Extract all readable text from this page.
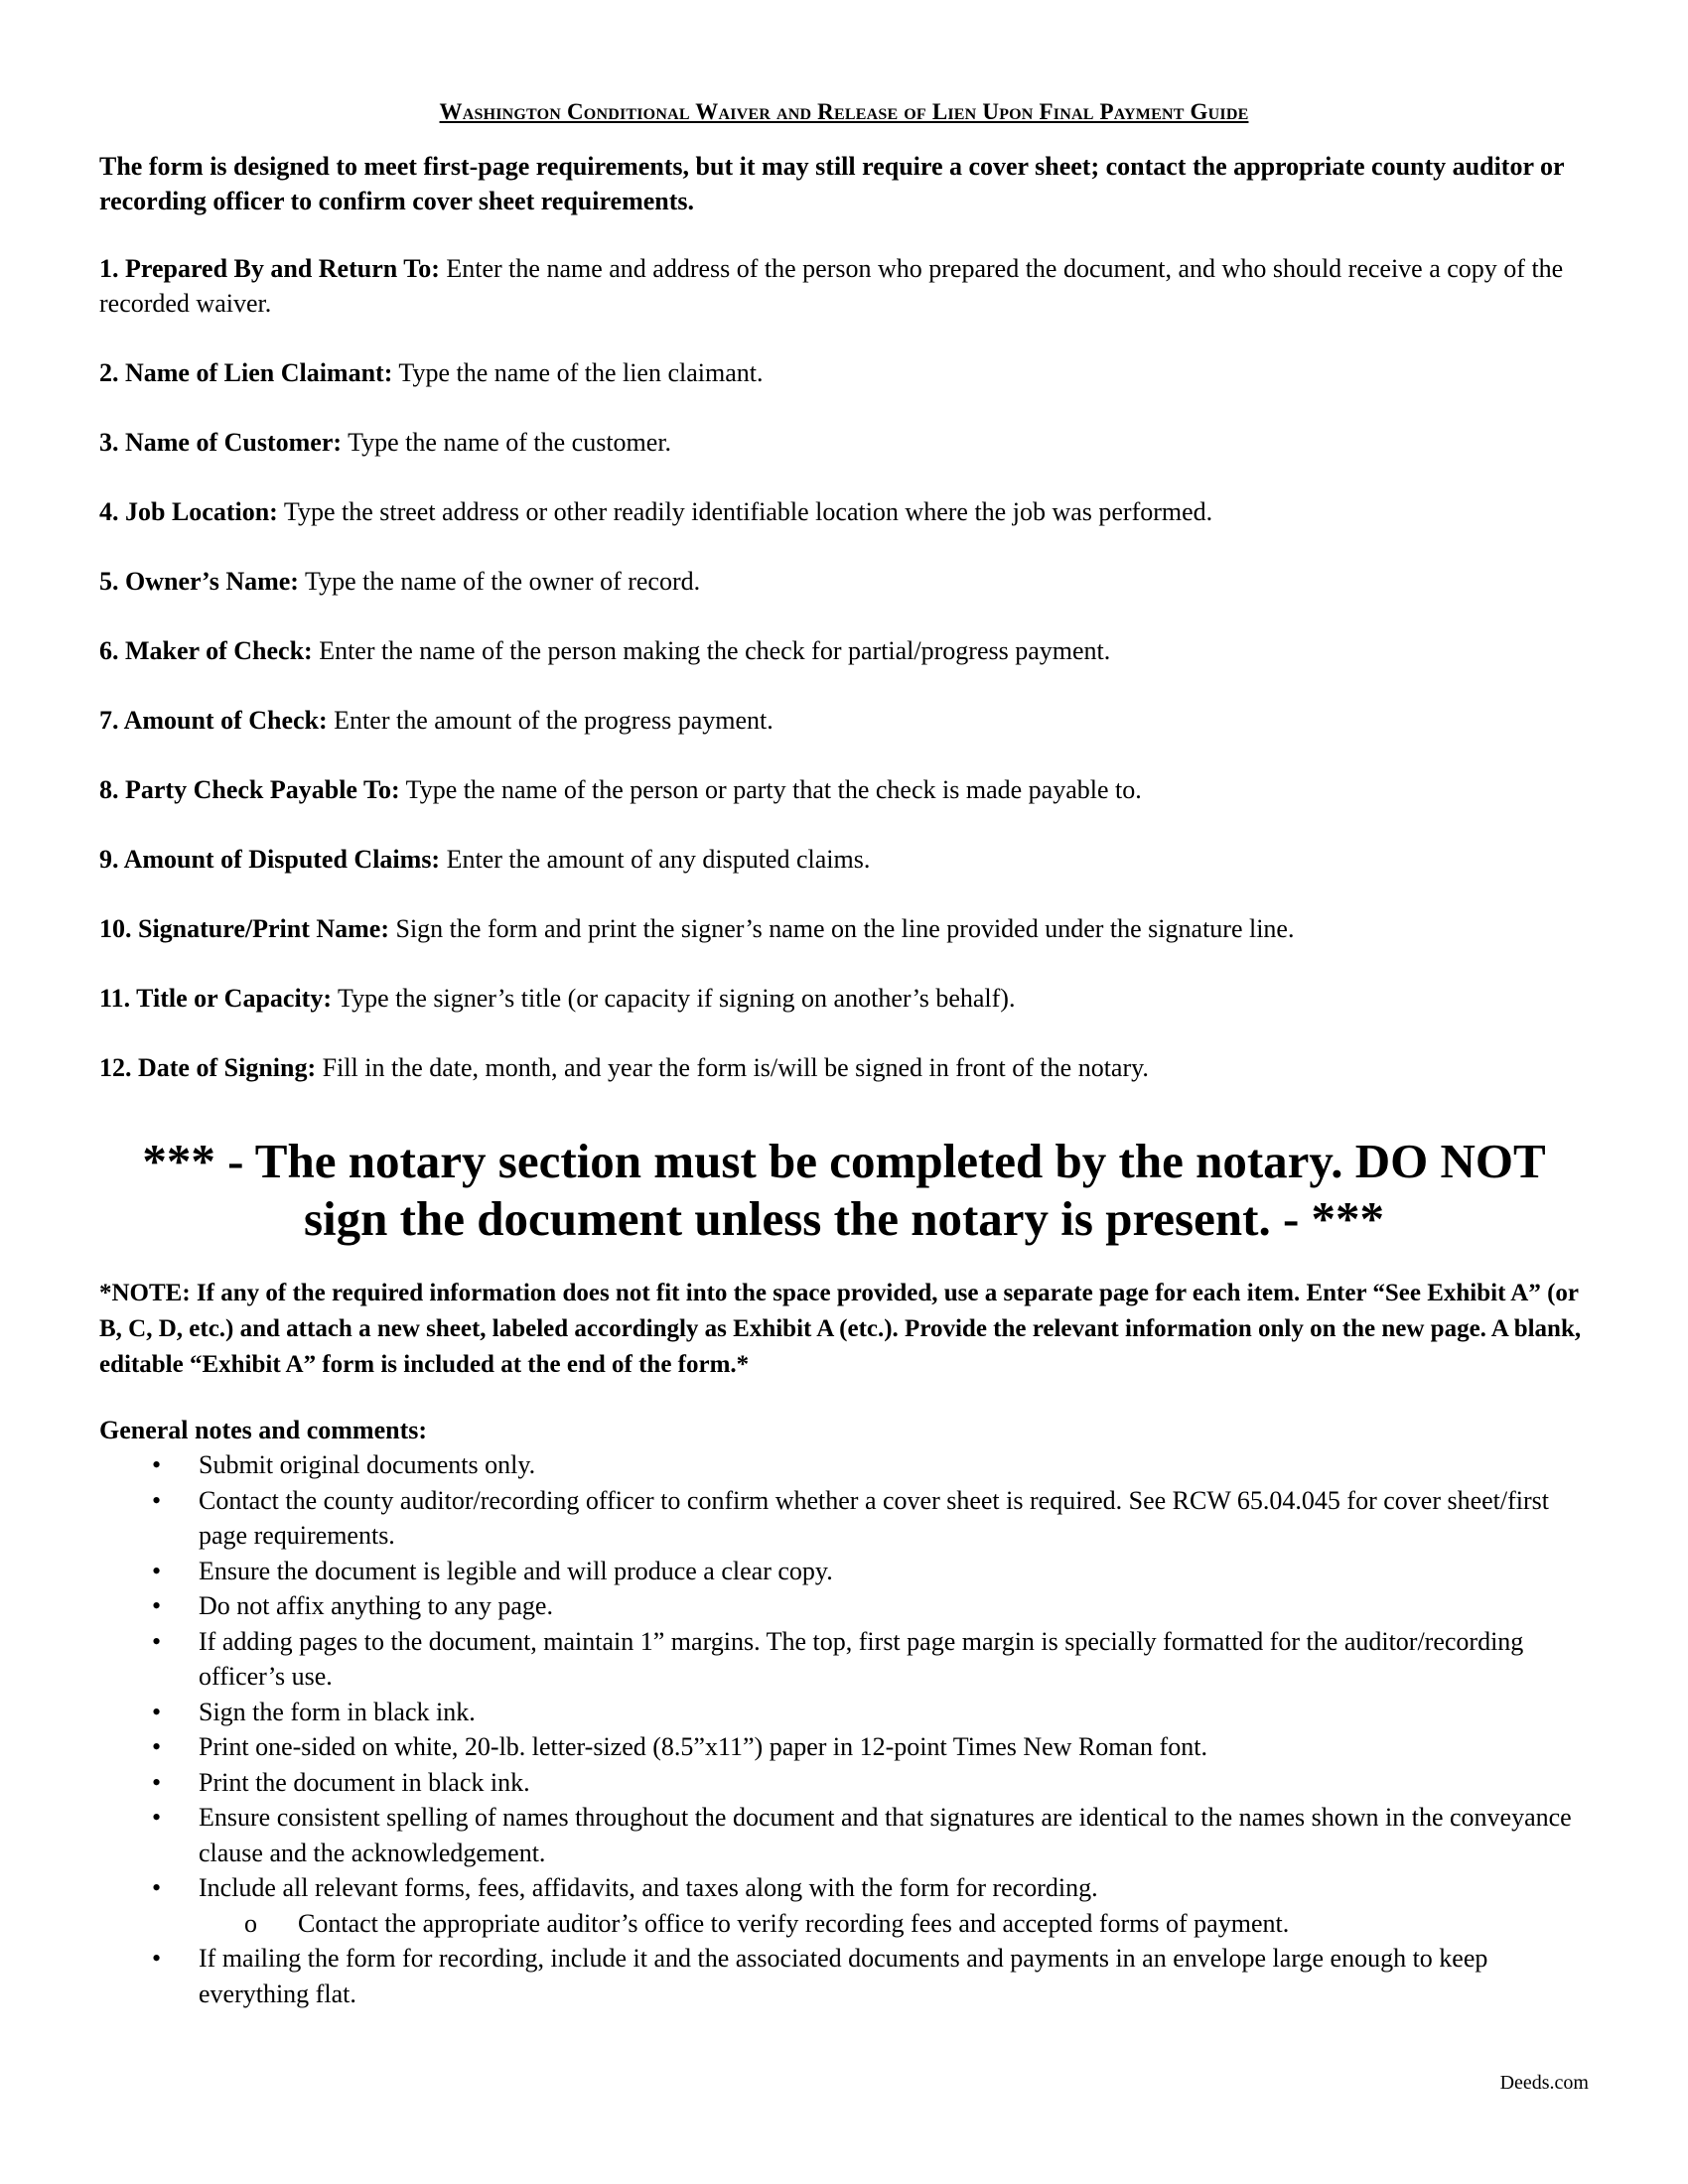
Washington Conditional Waiver and Release of Lien Upon Final Payment Guide
The form is designed to meet first-page requirements, but it may still require a cover sheet; contact the appropriate county auditor or recording officer to confirm cover sheet requirements.
1. Prepared By and Return To: Enter the name and address of the person who prepared the document, and who should receive a copy of the recorded waiver.
2. Name of Lien Claimant: Type the name of the lien claimant.
3. Name of Customer: Type the name of the customer.
4. Job Location: Type the street address or other readily identifiable location where the job was performed.
5. Owner’s Name: Type the name of the owner of record.
6. Maker of Check: Enter the name of the person making the check for partial/progress payment.
7. Amount of Check: Enter the amount of the progress payment.
8. Party Check Payable To: Type the name of the person or party that the check is made payable to.
9. Amount of Disputed Claims: Enter the amount of any disputed claims.
10. Signature/Print Name: Sign the form and print the signer’s name on the line provided under the signature line.
11. Title or Capacity: Type the signer’s title (or capacity if signing on another’s behalf).
12. Date of Signing: Fill in the date, month, and year the form is/will be signed in front of the notary.
*** - The notary section must be completed by the notary. DO NOT sign the document unless the notary is present. - ***
*NOTE: If any of the required information does not fit into the space provided, use a separate page for each item. Enter “See Exhibit A” (or B, C, D, etc.) and attach a new sheet, labeled accordingly as Exhibit A (etc.). Provide the relevant information only on the new page. A blank, editable “Exhibit A” form is included at the end of the form.*
General notes and comments:
• Submit original documents only.
• Contact the county auditor/recording officer to confirm whether a cover sheet is required. See RCW 65.04.045 for cover sheet/first page requirements.
• Ensure the document is legible and will produce a clear copy.
• Do not affix anything to any page.
• If adding pages to the document, maintain 1” margins. The top, first page margin is specially formatted for the auditor/recording officer’s use.
• Sign the form in black ink.
• Print one-sided on white, 20-lb. letter-sized (8.5”x11”) paper in 12-point Times New Roman font.
• Print the document in black ink.
• Ensure consistent spelling of names throughout the document and that signatures are identical to the names shown in the conveyance clause and the acknowledgement.
• Include all relevant forms, fees, affidavits, and taxes along with the form for recording.
o Contact the appropriate auditor’s office to verify recording fees and accepted forms of payment.
• If mailing the form for recording, include it and the associated documents and payments in an envelope large enough to keep everything flat.
Deeds.com
